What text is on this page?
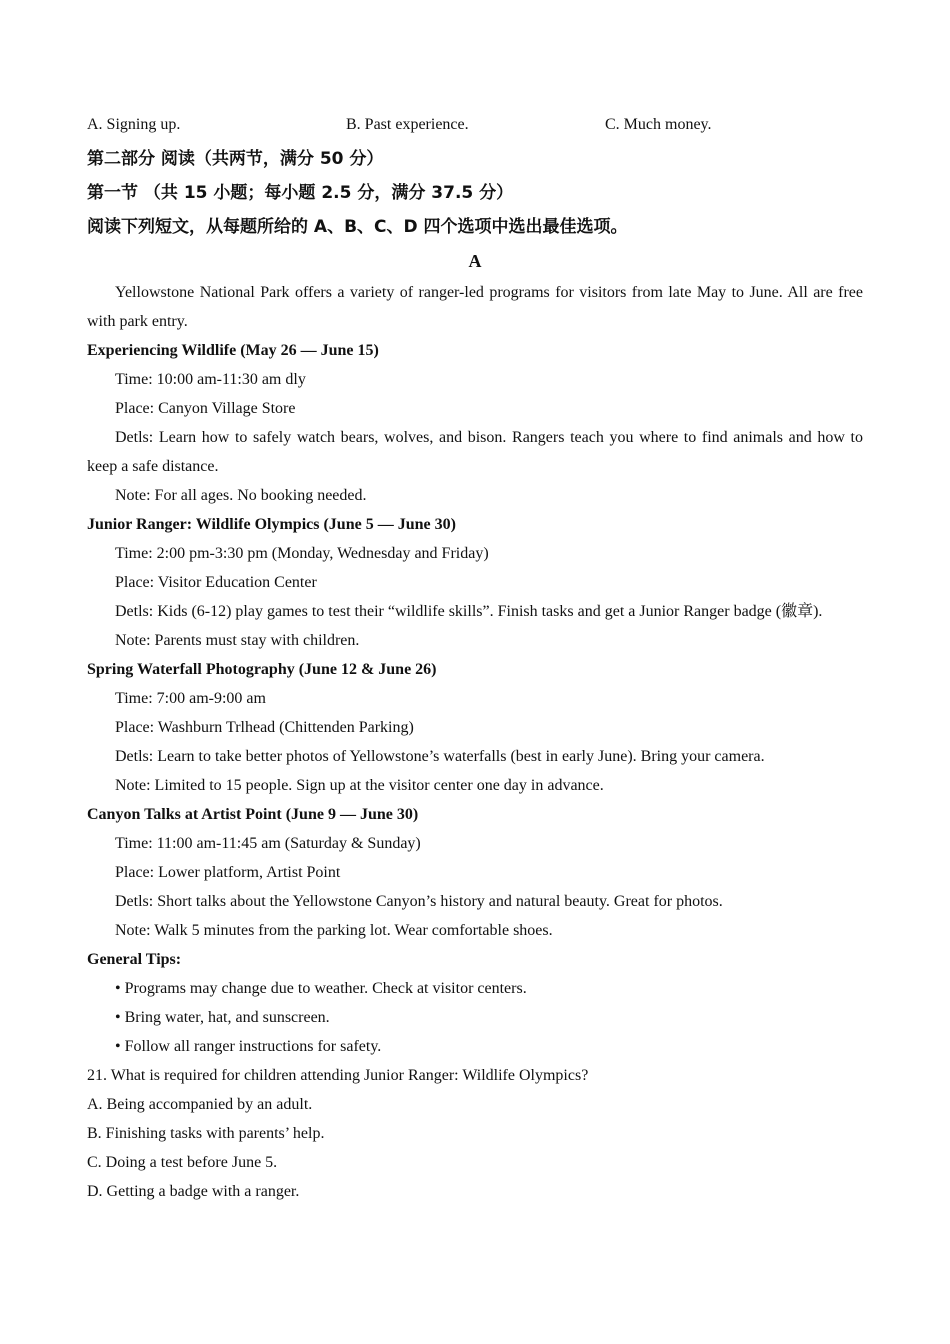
A. Signing up.	B. Past experience.	C. Much money.
第二部分 阅读（共两节，满分 50 分）
第一节 （共 15 小题；每小题 2.5 分，满分 37.5 分）
阅读下列短文，从每题所给的 A、B、C、D 四个选项中选出最佳选项。
A

Yellowstone National Park offers a variety of ranger-led programs for visitors from late May to June. All are free with park entry.

Experiencing Wildlife (May 26 — June 15)

Time: 10:00 am-11:30 am dly

Place: Canyon Village Store

Detls: Learn how to safely watch bears, wolves, and bison. Rangers teach you where to find animals and how to keep a safe distance.

Note: For all ages. No booking needed.

Junior Ranger: Wildlife Olympics (June 5 — June 30)

Time: 2:00 pm-3:30 pm (Monday, Wednesday and Friday)

Place: Visitor Education Center

Detls: Kids (6-12) play games to test their “wildlife skills”. Finish tasks and get a Junior Ranger badge (徽章).

Note: Parents must stay with children.

Spring Waterfall Photography (June 12 & June 26)

Time: 7:00 am-9:00 am

Place: Washburn Trlhead (Chittenden Parking)

Detls: Learn to take better photos of Yellowstone’s waterfalls (best in early June). Bring your camera.

Note: Limited to 15 people. Sign up at the visitor center one day in advance.

Canyon Talks at Artist Point (June 9 — June 30)

Time: 11:00 am-11:45 am (Saturday & Sunday)

Place: Lower platform, Artist Point

Detls: Short talks about the Yellowstone Canyon’s history and natural beauty. Great for photos.

Note: Walk 5 minutes from the parking lot. Wear comfortable shoes.

General Tips:

• Programs may change due to weather. Check at visitor centers.

• Bring water, hat, and sunscreen.

• Follow all ranger instructions for safety.

21. What is required for children attending Junior Ranger: Wildlife Olympics?

A. Being accompanied by an adult.

B. Finishing tasks with parents’ help.

C. Doing a test before June 5.

D. Getting a badge with a ranger.
